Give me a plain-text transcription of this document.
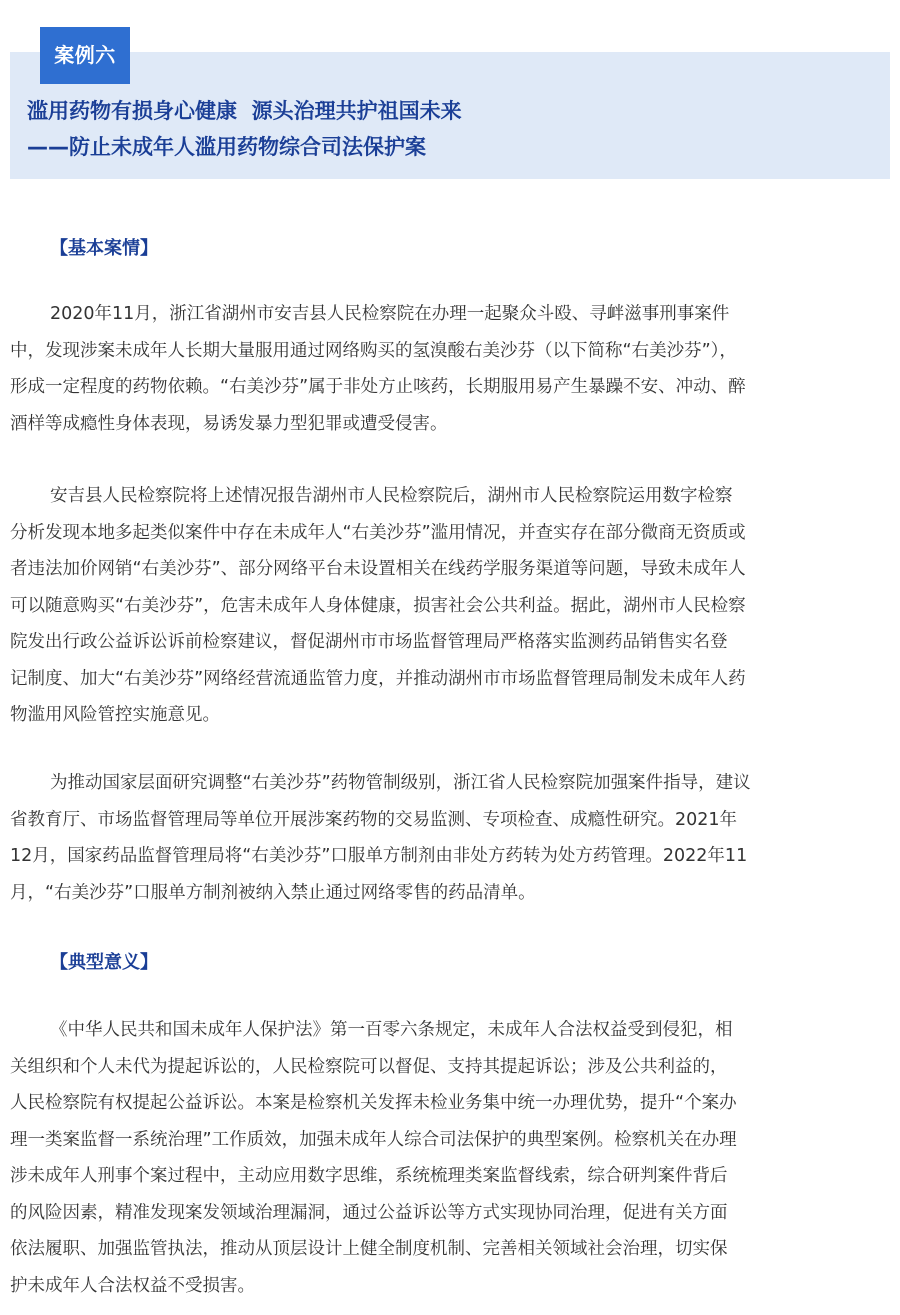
案例六
滥用药物有损身心健康  源头治理共护祖国未来
——防止未成年人滥用药物综合司法保护案
【基本案情】

2020年11月，浙江省湖州市安吉县人民检察院在办理一起聚众斗殴、寻衅滋事刑事案件
中，发现涉案未成年人长期大量服用通过网络购买的氢溴酸右美沙芬（以下简称“右美沙芬”），
形成一定程度的药物依赖。“右美沙芬”属于非处方止咳药，长期服用易产生暴躁不安、冲动、醉
酒样等成瘾性身体表现，易诱发暴力型犯罪或遭受侵害。

安吉县人民检察院将上述情况报告湖州市人民检察院后，湖州市人民检察院运用数字检察
分析发现本地多起类似案件中存在未成年人“右美沙芬”滥用情况，并查实存在部分微商无资质或
者违法加价网销“右美沙芬”、部分网络平台未设置相关在线药学服务渠道等问题，导致未成年人
可以随意购买“右美沙芬”，危害未成年人身体健康，损害社会公共利益。据此，湖州市人民检察
院发出行政公益诉讼诉前检察建议，督促湖州市市场监督管理局严格落实监测药品销售实名登
记制度、加大“右美沙芬”网络经营流通监管力度，并推动湖州市市场监督管理局制发未成年人药
物滥用风险管控实施意见。

为推动国家层面研究调整“右美沙芬”药物管制级别，浙江省人民检察院加强案件指导，建议
省教育厅、市场监督管理局等单位开展涉案药物的交易监测、专项检查、成瘾性研究。2021年
12月，国家药品监督管理局将“右美沙芬”口服单方制剂由非处方药转为处方药管理。2022年11
月，“右美沙芬”口服单方制剂被纳入禁止通过网络零售的药品清单。

【典型意义】

《中华人民共和国未成年人保护法》第一百零六条规定，未成年人合法权益受到侵犯，相
关组织和个人未代为提起诉讼的，人民检察院可以督促、支持其提起诉讼；涉及公共利益的，
人民检察院有权提起公益诉讼。本案是检察机关发挥未检业务集中统一办理优势，提升“个案办
理一类案监督一系统治理”工作质效，加强未成年人综合司法保护的典型案例。检察机关在办理
涉未成年人刑事个案过程中，主动应用数字思维，系统梳理类案监督线索，综合研判案件背后
的风险因素，精准发现案发领域治理漏洞，通过公益诉讼等方式实现协同治理，促进有关方面
依法履职、加强监管执法，推动从顶层设计上健全制度机制、完善相关领域社会治理，切实保
护未成年人合法权益不受损害。
